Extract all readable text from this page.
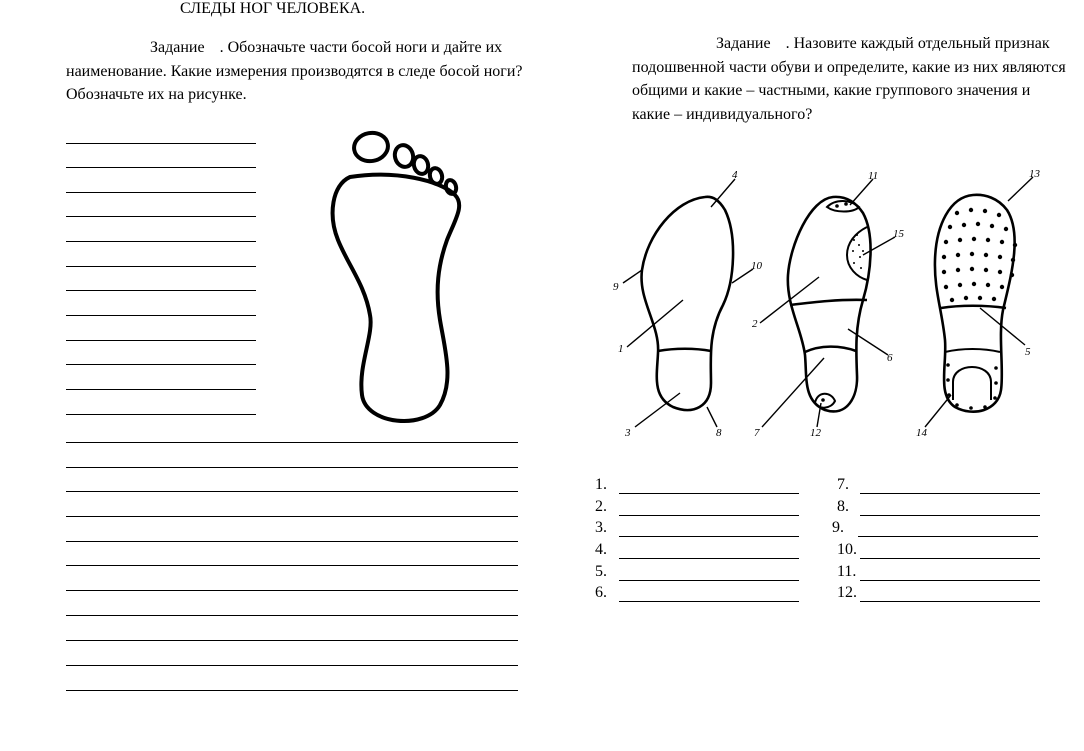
СЛЕДЫ НОГ ЧЕЛОВЕКА.
Задание . Обозначьте части босой ноги и дайте их наименование. Какие измерения производятся в следе босой ноги? Обозначьте их на рисунке.
Задание . Назовите каждый отдельный признак подошвенной части обуви и определите, какие из них являются общими и какие – частными, какие группового значения и какие – индивидуального?
4
9
10
1
3	8
11
15
2
6
7	12
13
5
14
1.
2.
3.
4.
5.
6.
7.
8.
9.
10.
11.
12.
